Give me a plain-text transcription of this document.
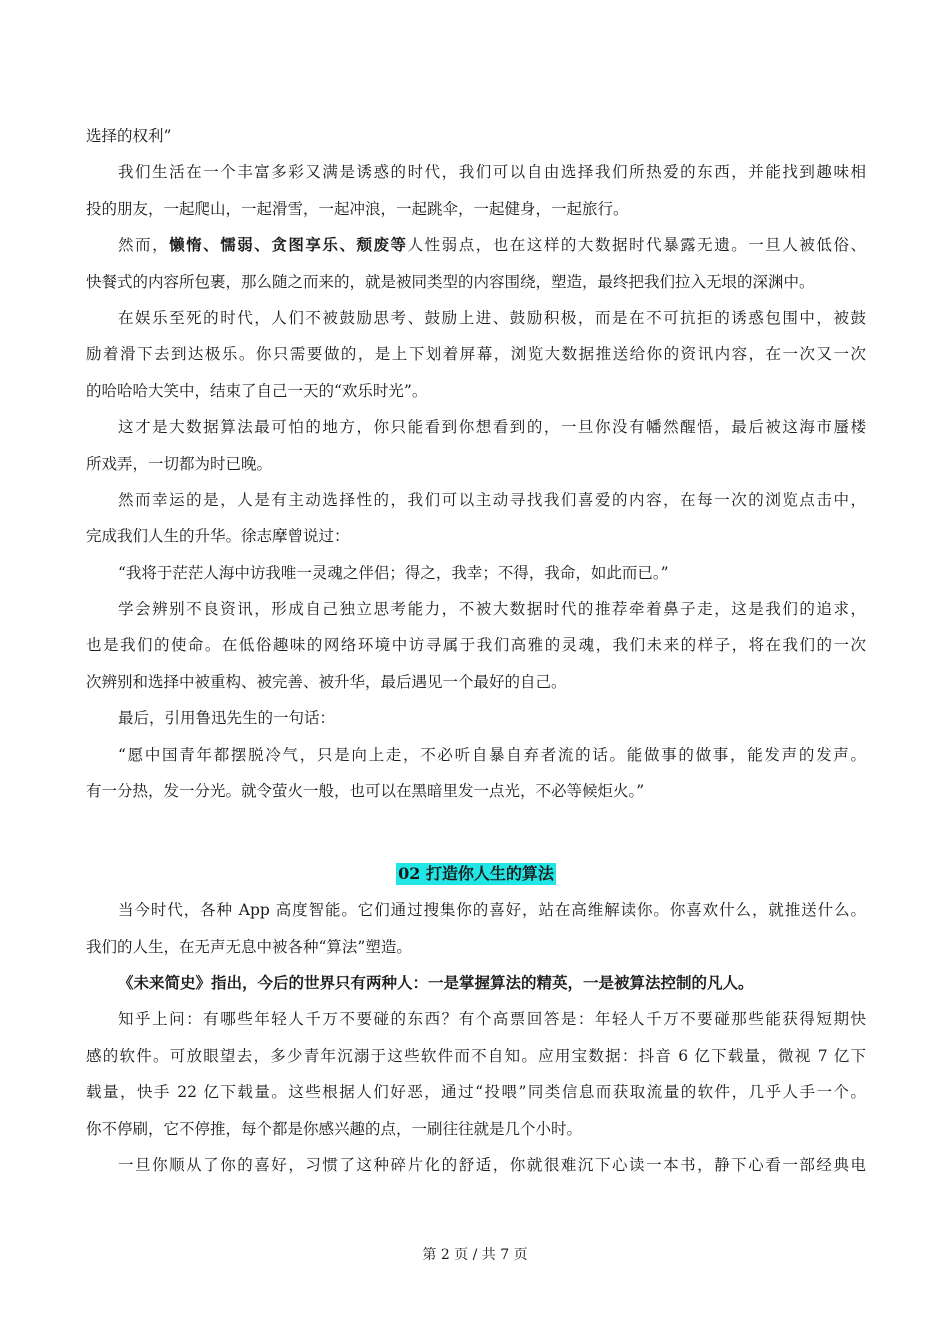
选择的权利”
我们生活在一个丰富多彩又满是诱惑的时代，我们可以自由选择我们所热爱的东西，并能找到趣味相
投的朋友，一起爬山，一起滑雪，一起冲浪，一起跳伞，一起健身，一起旅行。
然而，懒惰、懦弱、贪图享乐、颓废等人性弱点，也在这样的大数据时代暴露无遗。一旦人被低俗、
快餐式的内容所包裹，那么随之而来的，就是被同类型的内容围绕，塑造，最终把我们拉入无垠的深渊中。
在娱乐至死的时代，人们不被鼓励思考、鼓励上进、鼓励积极，而是在不可抗拒的诱惑包围中，被鼓
励着滑下去到达极乐。你只需要做的，是上下划着屏幕，浏览大数据推送给你的资讯内容，在一次又一次
的哈哈哈大笑中，结束了自己一天的“欢乐时光”。
这才是大数据算法最可怕的地方，你只能看到你想看到的，一旦你没有幡然醒悟，最后被这海市蜃楼
所戏弄，一切都为时已晚。
然而幸运的是，人是有主动选择性的，我们可以主动寻找我们喜爱的内容，在每一次的浏览点击中，
完成我们人生的升华。徐志摩曾说过：
“我将于茫茫人海中访我唯一灵魂之伴侣；得之，我幸；不得，我命，如此而已。”
学会辨别不良资讯，形成自己独立思考能力，不被大数据时代的推荐牵着鼻子走，这是我们的追求，
也是我们的使命。在低俗趣味的网络环境中访寻属于我们高雅的灵魂，我们未来的样子，将在我们的一次
次辨别和选择中被重构、被完善、被升华，最后遇见一个最好的自己。
最后，引用鲁迅先生的一句话：
“愿中国青年都摆脱冷气，只是向上走，不必听自暴自弃者流的话。能做事的做事，能发声的发声。
有一分热，发一分光。就令萤火一般，也可以在黑暗里发一点光，不必等候炬火。”
02 打造你人生的算法
当今时代，各种 App 高度智能。它们通过搜集你的喜好，站在高维解读你。你喜欢什么，就推送什么。
我们的人生，在无声无息中被各种“算法”塑造。
《未来简史》指出，今后的世界只有两种人：一是掌握算法的精英，一是被算法控制的凡人。
知乎上问：有哪些年轻人千万不要碰的东西？有个高票回答是：年轻人千万不要碰那些能获得短期快
感的软件。可放眼望去，多少青年沉溺于这些软件而不自知。应用宝数据：抖音 6 亿下载量，微视 7 亿下
载量，快手 22 亿下载量。这些根据人们好恶，通过“投喂”同类信息而获取流量的软件，几乎人手一个。
你不停刷，它不停推，每个都是你感兴趣的点，一刷往往就是几个小时。
一旦你顺从了你的喜好，习惯了这种碎片化的舒适，你就很难沉下心读一本书，静下心看一部经典电
第 2 页 / 共 7 页
